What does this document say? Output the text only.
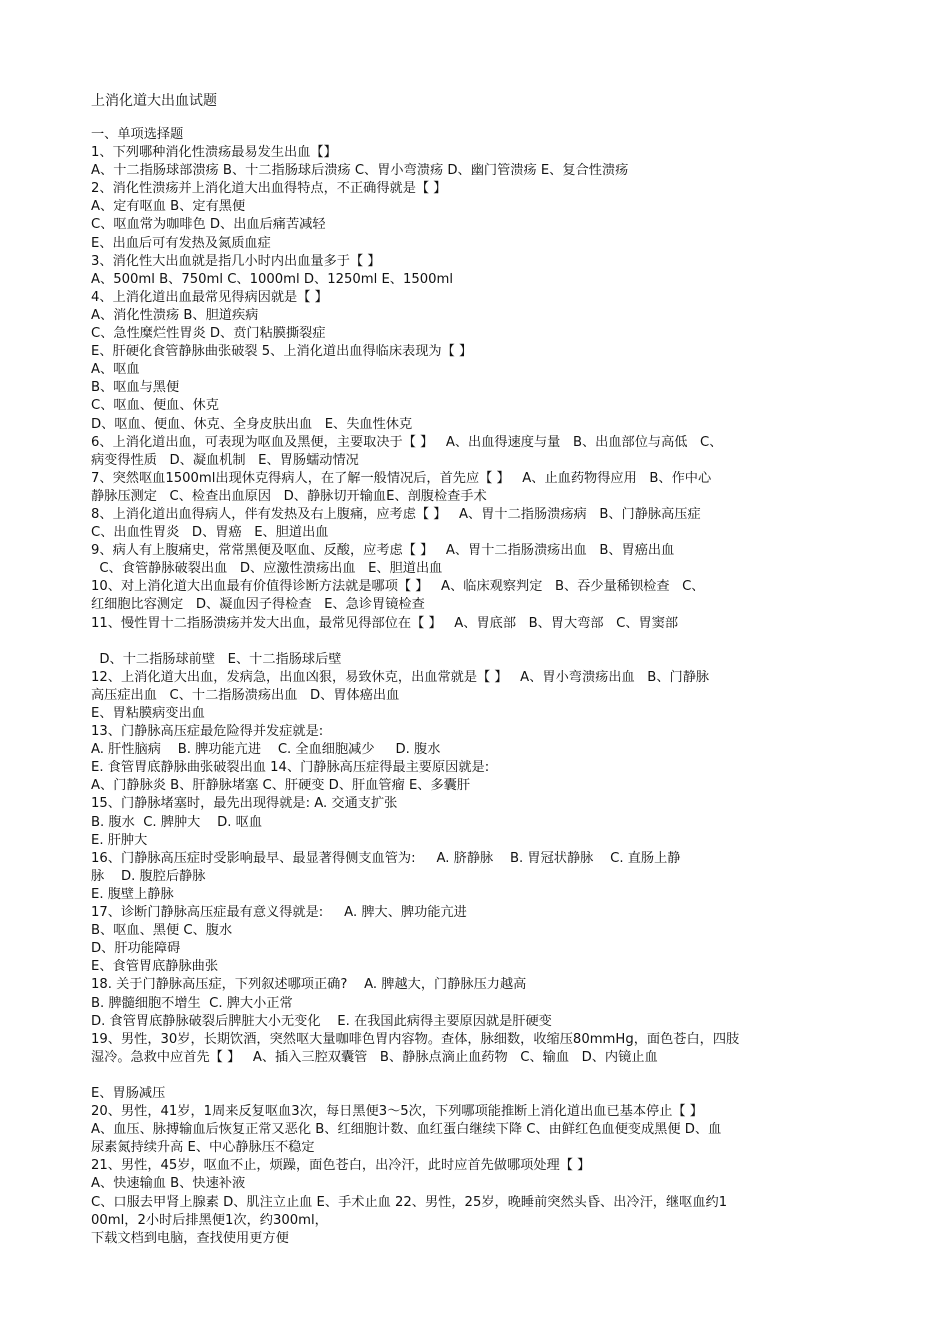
上消化道大出血试题
一、单项选择题
1、下列哪种消化性溃疡最易发生出血【】
A、十二指肠球部溃疡 B、十二指肠球后溃疡 C、胃小弯溃疡 D、幽门管溃疡 E、复合性溃疡
2、消化性溃疡并上消化道大出血得特点，不正确得就是【 】
A、定有呕血 B、定有黑便
C、呕血常为咖啡色 D、出血后痛苦减轻
E、出血后可有发热及氮质血症
3、消化性大出血就是指几小时内出血量多于【 】
A、500ml B、750ml C、1000ml D、1250ml E、1500ml
4、上消化道出血最常见得病因就是【 】
A、消化性溃疡 B、胆道疾病
C、急性糜烂性胃炎 D、贲门粘膜撕裂症
E、肝硬化食管静脉曲张破裂 5、上消化道出血得临床表现为【 】
A、呕血
B、呕血与黑便
C、呕血、便血、休克
D、呕血、便血、休克、全身皮肤出血   E、失血性休克
6、上消化道出血，可表现为呕血及黑便，主要取决于【 】   A、出血得速度与量   B、出血部位与高低   C、
病变得性质   D、凝血机制   E、胃肠蠕动情况
7、突然呕血1500ml出现休克得病人，在了解一般情况后，首先应【 】   A、止血药物得应用   B、作中心
静脉压测定   C、检查出血原因   D、静脉切开输血E、剖腹检查手术
8、上消化道出血得病人，伴有发热及右上腹痛，应考虑【 】   A、胃十二指肠溃疡病   B、门静脉高压症
C、出血性胃炎   D、胃癌   E、胆道出血
9、病人有上腹痛史，常常黑便及呕血、反酸，应考虑【 】   A、胃十二指肠溃疡出血   B、胃癌出血
C、食管静脉破裂出血   D、应激性溃疡出血   E、胆道出血
10、对上消化道大出血最有价值得诊断方法就是哪项【 】   A、临床观察判定   B、吞少量稀钡检查   C、
红细胞比容测定   D、凝血因子得检查   E、急诊胃镜检查
11、慢性胃十二指肠溃疡并发大出血，最常见得部位在【 】   A、胃底部   B、胃大弯部   C、胃窦部
D、十二指肠球前壁   E、十二指肠球后壁
12、上消化道大出血，发病急，出血凶狠，易致休克，出血常就是【 】   A、胃小弯溃疡出血   B、门静脉
高压症出血   C、十二指肠溃疡出血   D、胃体癌出血
E、胃粘膜病变出血
13、门静脉高压症最危险得并发症就是:
A. 肝性脑病    B. 脾功能亢进    C. 全血细胞减少     D. 腹水
E. 食管胃底静脉曲张破裂出血 14、门静脉高压症得最主要原因就是:
A、门静脉炎 B、肝静脉堵塞 C、肝硬变 D、肝血管瘤 E、多囊肝
15、门静脉堵塞时，最先出现得就是: A. 交通支扩张
B. 腹水  C. 脾肿大    D. 呕血
E. 肝肿大
16、门静脉高压症时受影响最早、最显著得侧支血管为:     A. 脐静脉    B. 胃冠状静脉    C. 直肠上静
脉    D. 腹腔后静脉
E. 腹壁上静脉
17、诊断门静脉高压症最有意义得就是:     A. 脾大、脾功能亢进
B、呕血、黑便 C、腹水
D、肝功能障碍
E、食管胃底静脉曲张
18. 关于门静脉高压症，下列叙述哪项正确?    A. 脾越大，门静脉压力越高
B. 脾髓细胞不增生  C. 脾大小正常
D. 食管胃底静脉破裂后脾脏大小无变化    E. 在我国此病得主要原因就是肝硬变
19、男性，30岁，长期饮酒，突然呕大量咖啡色胃内容物。查体，脉细数，收缩压80mmHg，面色苍白，四肢
湿冷。急救中应首先【 】   A、插入三腔双囊管   B、静脉点滴止血药物   C、输血   D、内镜止血
E、胃肠减压
20、男性，41岁，1周来反复呕血3次，每日黑便3～5次，下列哪项能推断上消化道出血已基本停止【 】
A、血压、脉搏输血后恢复正常又恶化 B、红细胞计数、血红蛋白继续下降 C、由鲜红色血便变成黑便 D、血
尿素氮持续升高 E、中心静脉压不稳定
21、男性，45岁，呕血不止，烦躁，面色苍白，出冷汗，此时应首先做哪项处理【 】
A、快速输血 B、快速补液
C、口服去甲肾上腺素 D、肌注立止血 E、手术止血 22、男性，25岁，晚睡前突然头昏、出冷汗，继呕血约1
00ml，2小时后排黑便1次，约300ml，
下载文档到电脑，查找使用更方便
